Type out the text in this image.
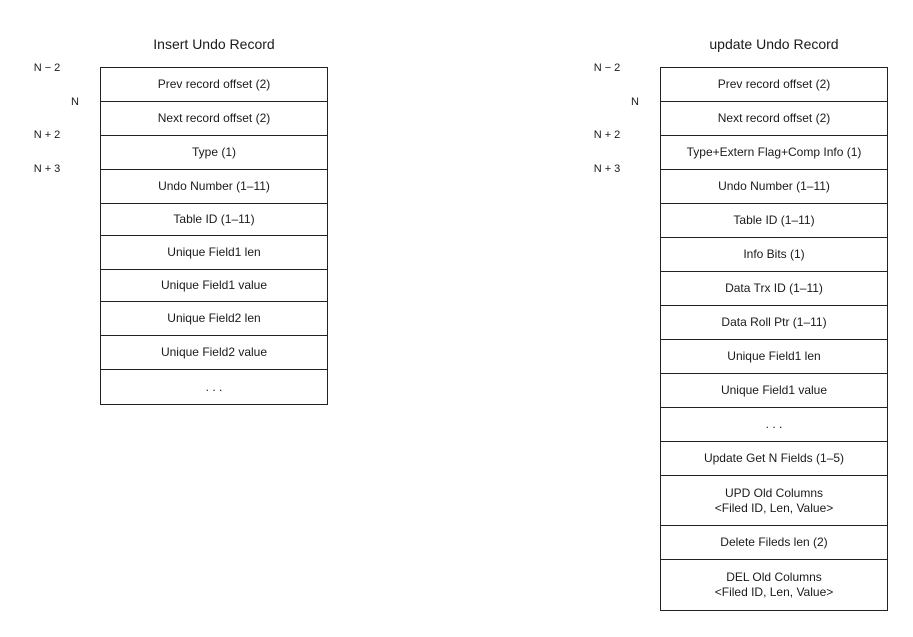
Insert Undo Record
N − 2
N
N + 2
N + 3
Prev record offset (2)
Next record offset (2)
Type (1)
Undo Number (1–11)
Table ID (1–11)
Unique Field1 len
Unique Field1 value
Unique Field2 len
Unique Field2 value
. . .
update Undo Record
N − 2
N
N + 2
N + 3
Prev record offset (2)
Next record offset (2)
Type+Extern Flag+Comp Info (1)
Undo Number (1–11)
Table ID (1–11)
Info Bits (1)
Data Trx ID (1–11)
Data Roll Ptr (1–11)
Unique Field1 len
Unique Field1 value
. . .
Update Get N Fields (1–5)
UPD Old Columns
<Filed ID, Len, Value>
Delete Fileds len (2)
DEL Old Columns
<Filed ID, Len, Value>
